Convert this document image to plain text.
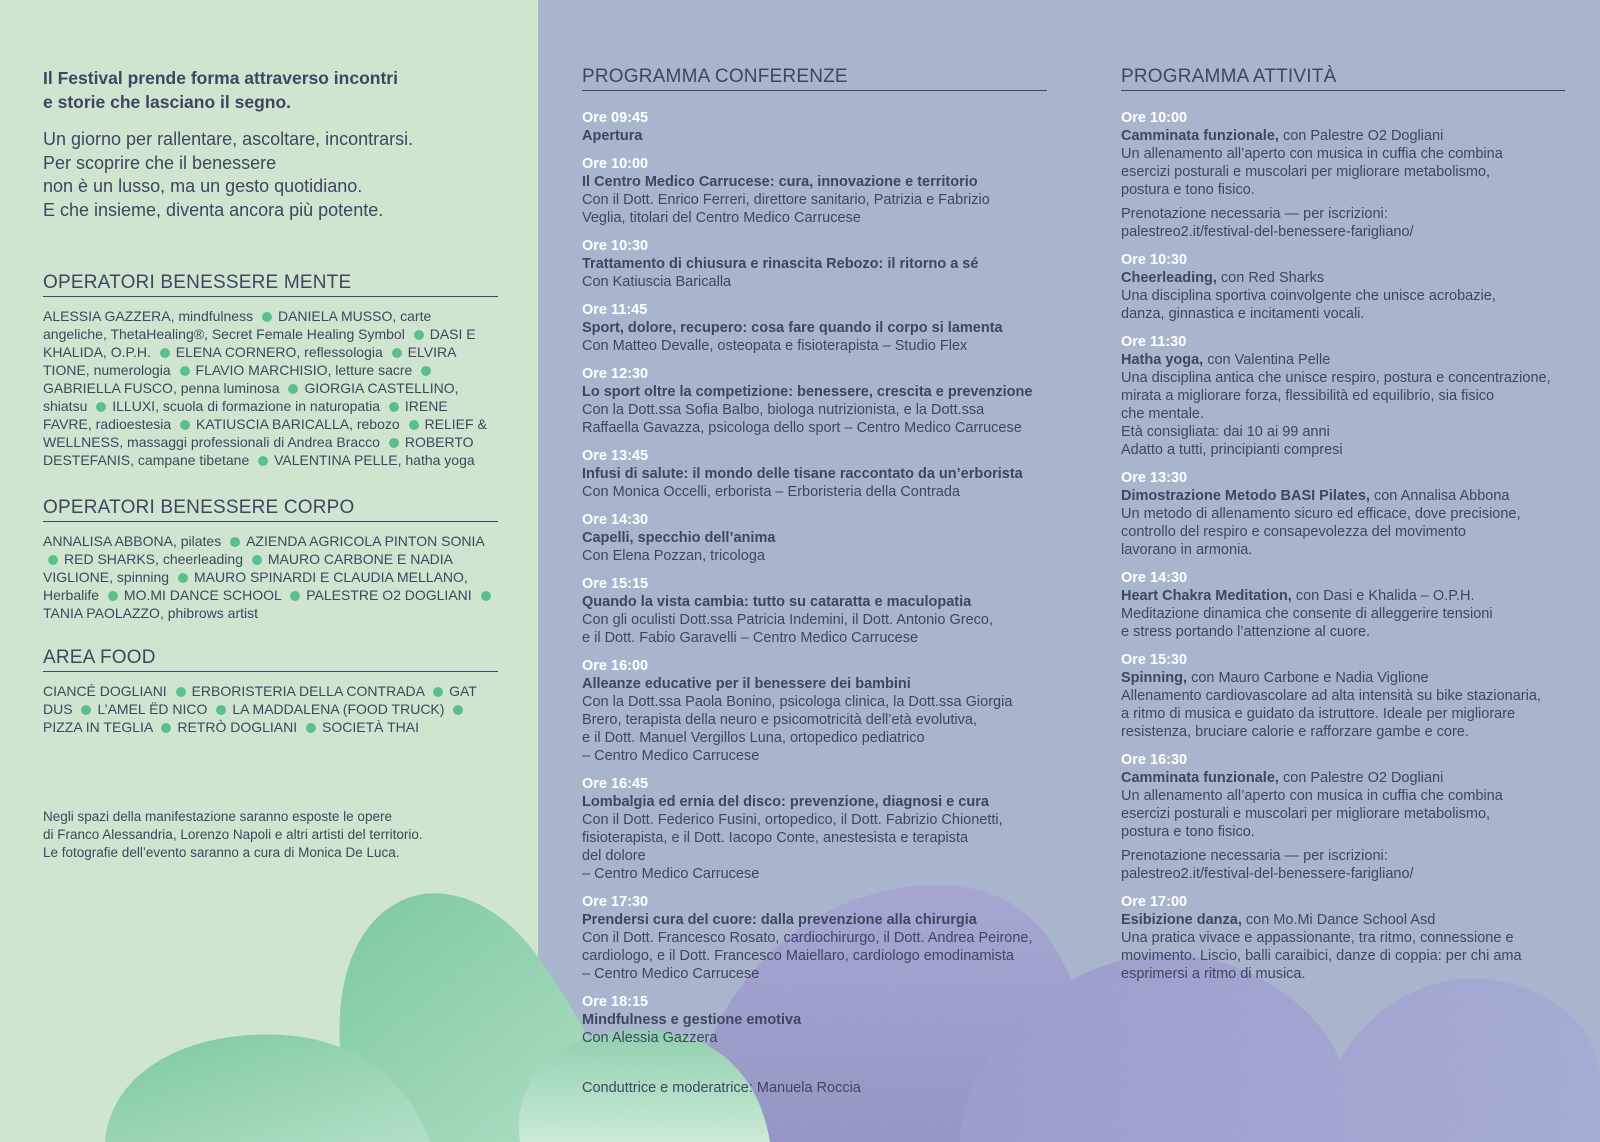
Il Festival prende forma attraverso incontri
e storie che lasciano il segno.
Un giorno per rallentare, ascoltare, incontrarsi.
Per scoprire che il benessere
non è un lusso, ma un gesto quotidiano.
E che insieme, diventa ancora più potente.
OPERATORI BENESSERE MENTE
ALESSIA GAZZERA, mindfulness DANIELA MUSSO, carte angeliche, ThetaHealing®, Secret Female Healing Symbol DASI E KHALIDA, O.P.H. ELENA CORNERO, reflessologia ELVIRA TIONE, numerologia FLAVIO MARCHISIO, letture sacre GABRIELLA FUSCO, penna luminosa GIORGIA CASTELLINO, shiatsu ILLUXI, scuola di formazione in naturopatia IRENE FAVRE, radioestesia KATIUSCIA BARICALLA, rebozo RELIEF & WELLNESS, massaggi professionali di Andrea Bracco ROBERTO DESTEFANIS, campane tibetane VALENTINA PELLE, hatha yoga
OPERATORI BENESSERE CORPO
ANNALISA ABBONA, pilates AZIENDA AGRICOLA PINTON SONIA RED SHARKS, cheerleading MAURO CARBONE E NADIA VIGLIONE, spinning MAURO SPINARDI E CLAUDIA MELLANO, Herbalife MO.MI DANCE SCHOOL PALESTRE O2 DOGLIANI TANIA PAOLAZZO, phibrows artist
AREA FOOD
CIANCÉ DOGLIANI ERBORISTERIA DELLA CONTRADA GAT DUS L’AMEL ËD NICO LA MADDALENA (FOOD TRUCK) PIZZA IN TEGLIA RETRÒ DOGLIANI SOCIETÀ THAI
Negli spazi della manifestazione saranno esposte le opere
di Franco Alessandria, Lorenzo Napoli e altri artisti del territorio.
Le fotografie dell’evento saranno a cura di Monica De Luca.
PROGRAMMA CONFERENZE
Ore 09:45
Apertura
Ore 10:00
Il Centro Medico Carrucese: cura, innovazione e territorio
Con il Dott. Enrico Ferreri, direttore sanitario, Patrizia e Fabrizio
Veglia, titolari del Centro Medico Carrucese
Ore 10:30
Trattamento di chiusura e rinascita Rebozo: il ritorno a sé
Con Katiuscia Baricalla
Ore 11:45
Sport, dolore, recupero: cosa fare quando il corpo si lamenta
Con Matteo Devalle, osteopata e fisioterapista – Studio Flex
Ore 12:30
Lo sport oltre la competizione: benessere, crescita e prevenzione
Con la Dott.ssa Sofia Balbo, biologa nutrizionista, e la Dott.ssa
Raffaella Gavazza, psicologa dello sport – Centro Medico Carrucese
Ore 13:45
Infusi di salute: il mondo delle tisane raccontato da un’erborista
Con Monica Occelli, erborista – Erboristeria della Contrada
Ore 14:30
Capelli, specchio dell’anima
Con Elena Pozzan, tricologa
Ore 15:15
Quando la vista cambia: tutto su cataratta e maculopatia
Con gli oculisti Dott.ssa Patricia Indemini, il Dott. Antonio Greco,
e il Dott. Fabio Garavelli – Centro Medico Carrucese
Ore 16:00
Alleanze educative per il benessere dei bambini
Con la Dott.ssa Paola Bonino, psicologa clinica, la Dott.ssa Giorgia
Brero, terapista della neuro e psicomotricità dell’età evolutiva,
e il Dott. Manuel Vergillos Luna, ortopedico pediatrico
– Centro Medico Carrucese
Ore 16:45
Lombalgia ed ernia del disco: prevenzione, diagnosi e cura
Con il Dott. Federico Fusini, ortopedico, il Dott. Fabrizio Chionetti,
fisioterapista, e il Dott. Iacopo Conte, anestesista e terapista
del dolore
– Centro Medico Carrucese
Ore 17:30
Prendersi cura del cuore: dalla prevenzione alla chirurgia
Con il Dott. Francesco Rosato, cardiochirurgo, il Dott. Andrea Peirone,
cardiologo, e il Dott. Francesco Maiellaro, cardiologo emodinamista
– Centro Medico Carrucese
Ore 18:15
Mindfulness e gestione emotiva
Con Alessia Gazzera
Conduttrice e moderatrice: Manuela Roccia
PROGRAMMA ATTIVITÀ
Ore 10:00
Camminata funzionale, con Palestre O2 Dogliani
Un allenamento all’aperto con musica in cuffia che combina
esercizi posturali e muscolari per migliorare metabolismo,
postura e tono fisico.
Prenotazione necessaria — per iscrizioni:
palestreo2.it/festival-del-benessere-farigliano/
Ore 10:30
Cheerleading, con Red Sharks
Una disciplina sportiva coinvolgente che unisce acrobazie,
danza, ginnastica e incitamenti vocali.
Ore 11:30
Hatha yoga, con Valentina Pelle
Una disciplina antica che unisce respiro, postura e concentrazione,
mirata a migliorare forza, flessibilità ed equilibrio, sia fisico
che mentale.
Età consigliata: dai 10 ai 99 anni
Adatto a tutti, principianti compresi
Ore 13:30
Dimostrazione Metodo BASI Pilates, con Annalisa Abbona
Un metodo di allenamento sicuro ed efficace, dove precisione,
controllo del respiro e consapevolezza del movimento
lavorano in armonia.
Ore 14:30
Heart Chakra Meditation, con Dasi e Khalida – O.P.H.
Meditazione dinamica che consente di alleggerire tensioni
e stress portando l’attenzione al cuore.
Ore 15:30
Spinning, con Mauro Carbone e Nadia Viglione
Allenamento cardiovascolare ad alta intensità su bike stazionaria,
a ritmo di musica e guidato da istruttore. Ideale per migliorare
resistenza, bruciare calorie e rafforzare gambe e core.
Ore 16:30
Camminata funzionale, con Palestre O2 Dogliani
Un allenamento all’aperto con musica in cuffia che combina
esercizi posturali e muscolari per migliorare metabolismo,
postura e tono fisico.
Prenotazione necessaria — per iscrizioni:
palestreo2.it/festival-del-benessere-farigliano/
Ore 17:00
Esibizione danza, con Mo.Mi Dance School Asd
Una pratica vivace e appassionante, tra ritmo, connessione e
movimento. Liscio, balli caraibici, danze di coppia: per chi ama
esprimersi a ritmo di musica.
